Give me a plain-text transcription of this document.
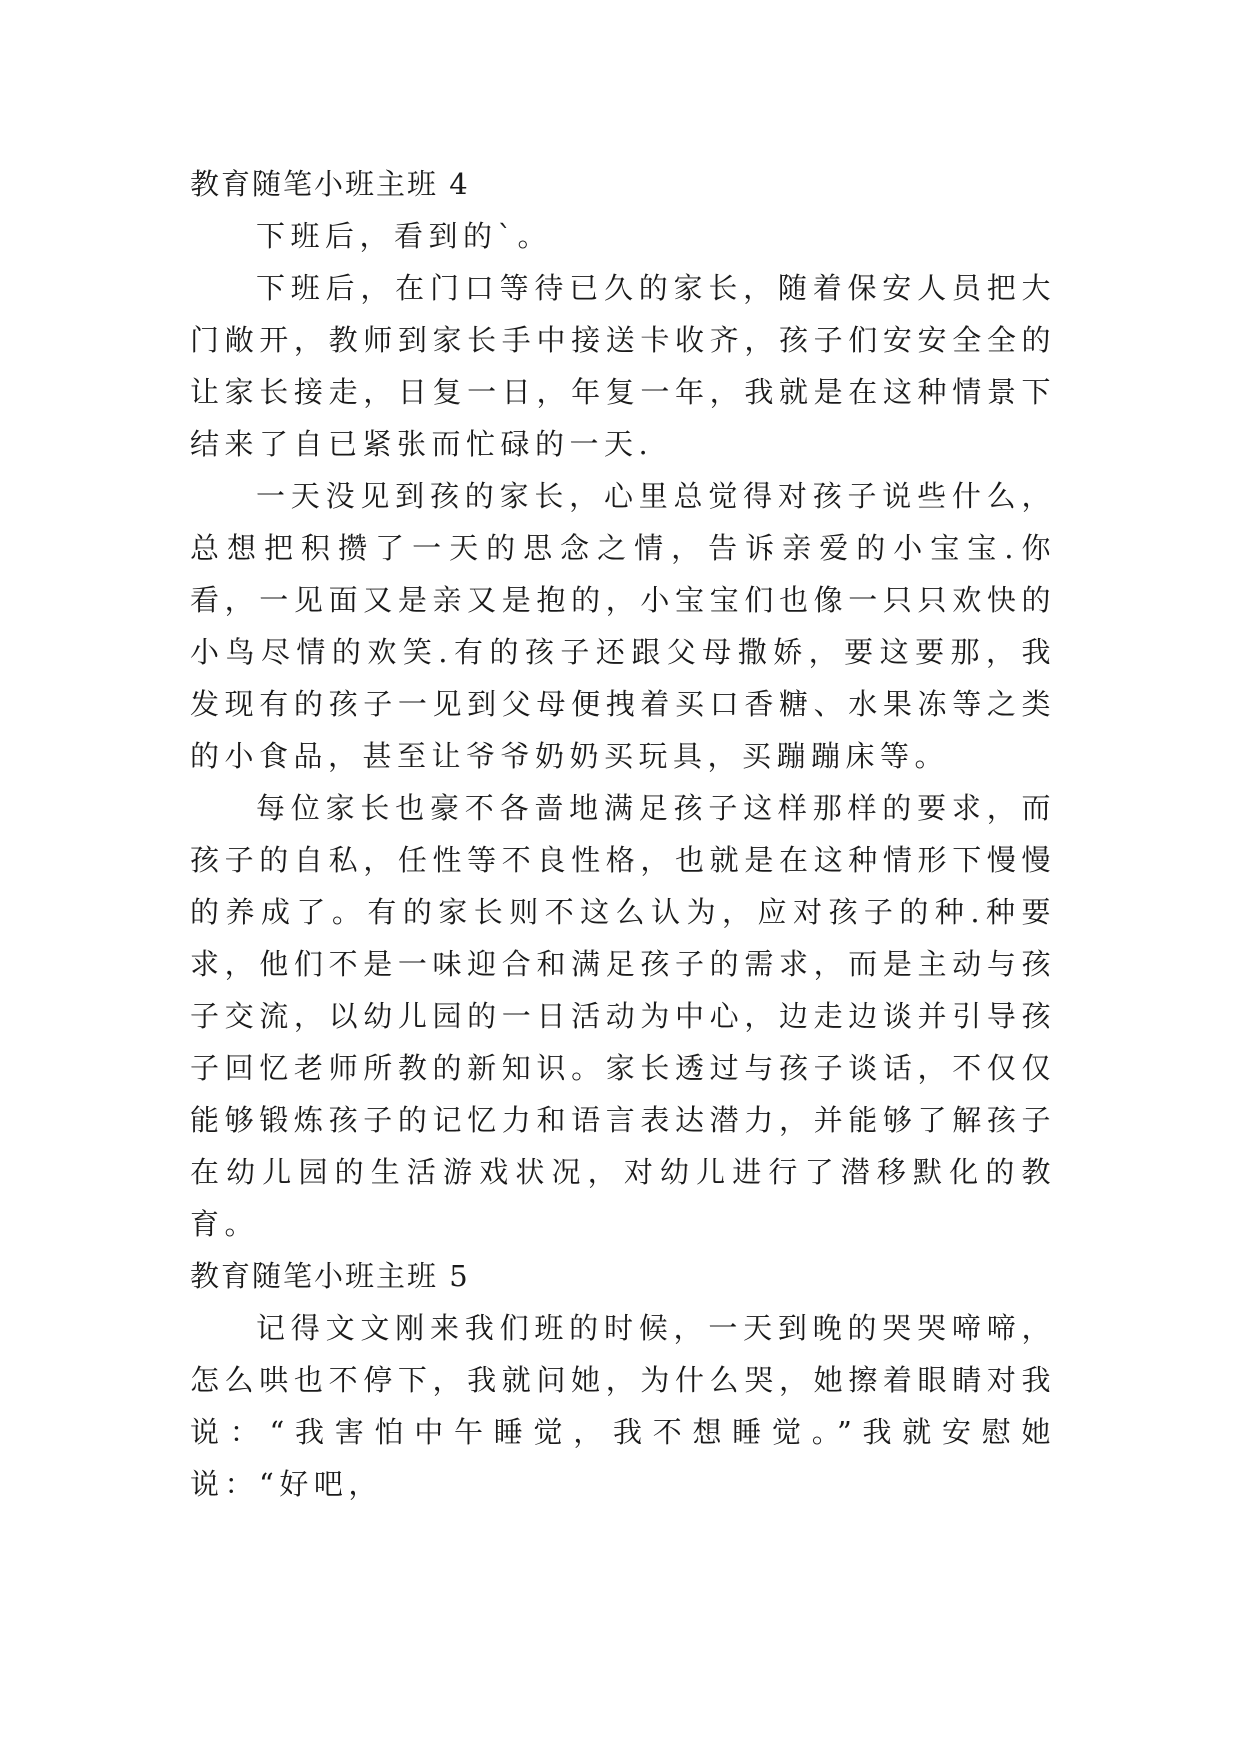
教育随笔小班主班 4

下班后，看到的`。

下班后，在门口等待已久的家长，随着保安人员把大门敞开，教师到家长手中接送卡收齐，孩子们安安全全的让家长接走，日复一日，年复一年，我就是在这种情景下结来了自已紧张而忙碌的一天.

一天没见到孩的家长，心里总觉得对孩子说些什么，总想把积攒了一天的思念之情，告诉亲爱的小宝宝.你看，一见面又是亲又是抱的，小宝宝们也像一只只欢快的小鸟尽情的欢笑.有的孩子还跟父母撒娇，要这要那，我发现有的孩子一见到父母便拽着买口香糖、水果冻等之类的小食品，甚至让爷爷奶奶买玩具，买蹦蹦床等。

每位家长也豪不各啬地满足孩子这样那样的要求，而孩子的自私，任性等不良性格，也就是在这种情形下慢慢的养成了。有的家长则不这么认为，应对孩子的种.种要求，他们不是一味迎合和满足孩子的需求，而是主动与孩子交流，以幼儿园的一日活动为中心，边走边谈并引导孩子回忆老师所教的新知识。家长透过与孩子谈话，不仅仅能够锻炼孩子的记忆力和语言表达潜力，并能够了解孩子在幼儿园的生活游戏状况，对幼儿进行了潜移默化的教育。

教育随笔小班主班 5

记得文文刚来我们班的时候，一天到晚的哭哭啼啼，怎么哄也不停下，我就问她，为什么哭，她擦着眼睛对我说：“我害怕中午睡觉，我不想睡觉。”我就安慰她说：“好吧，
